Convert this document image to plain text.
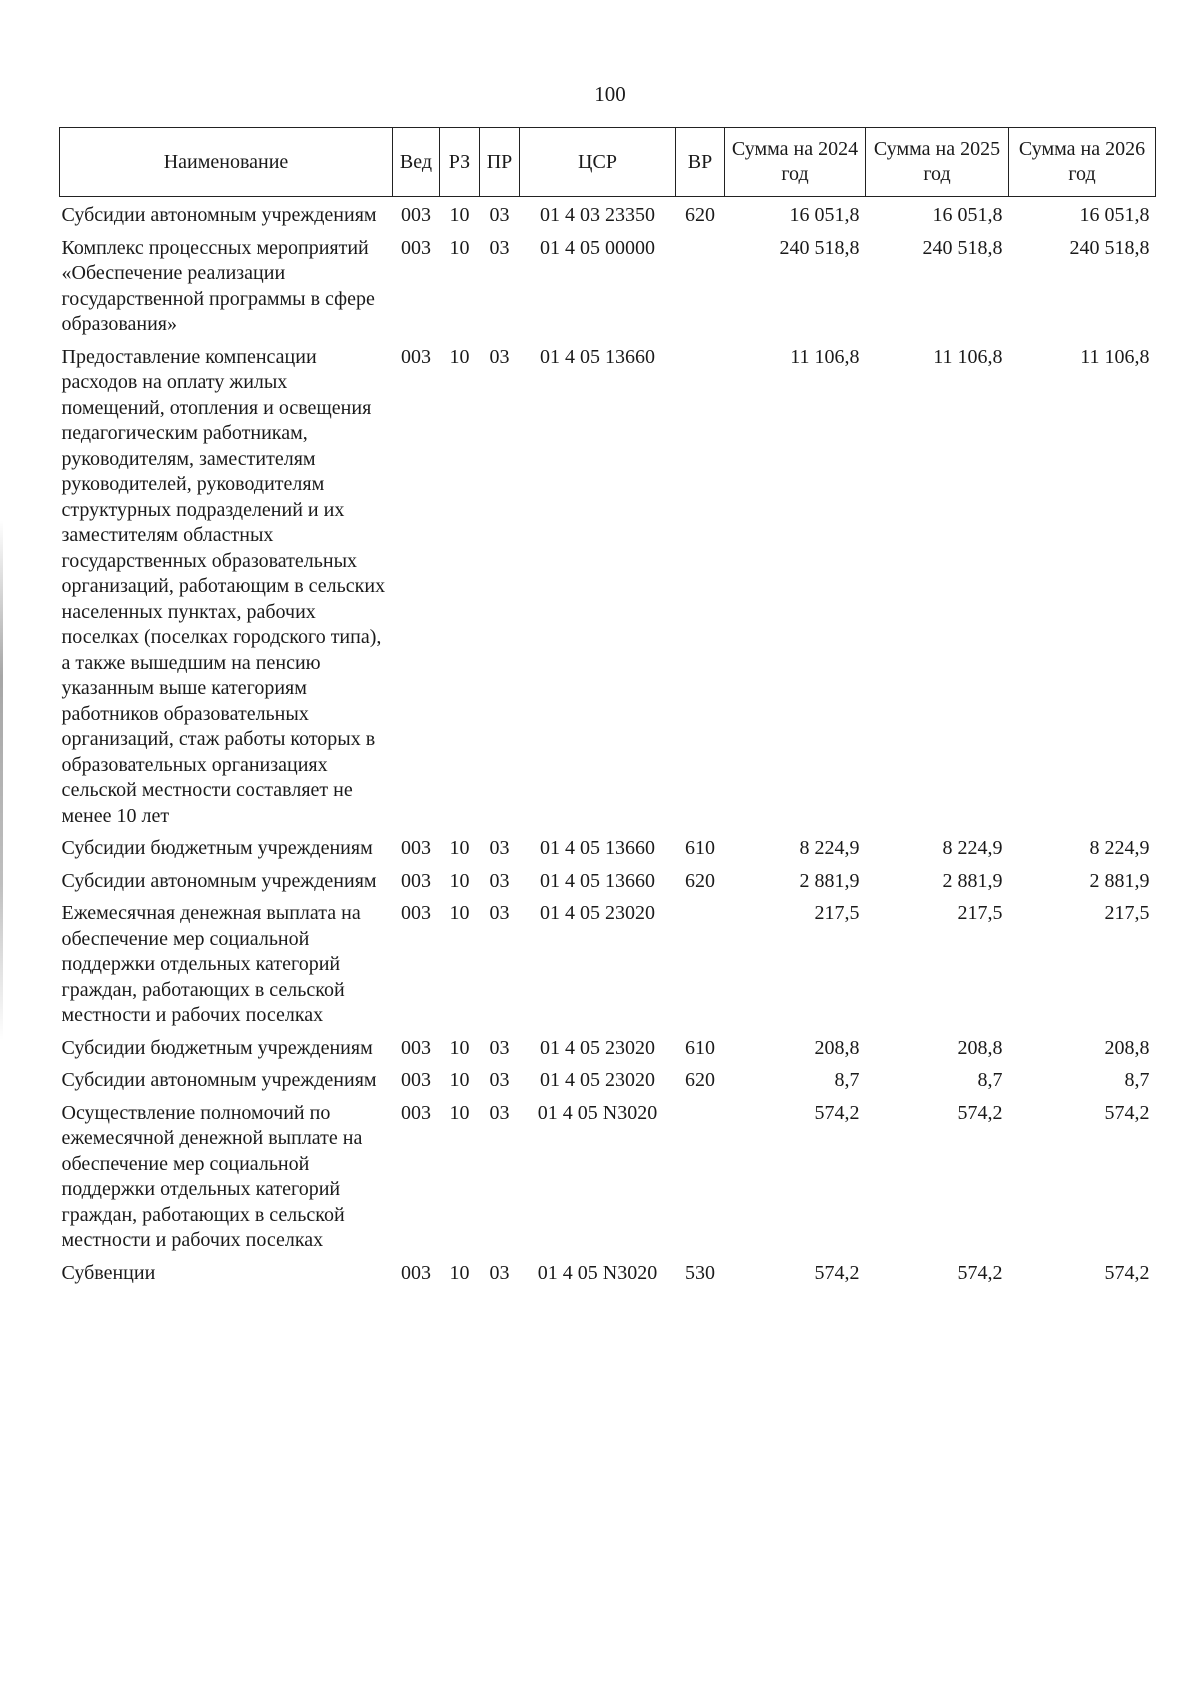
100
Наименование	Вед	РЗ	ПР	ЦСР	ВР	Сумма на 2024 год	Сумма на 2025 год	Сумма на 2026 год
Субсидии автономным учреждениям	003	10	03	01 4 03 23350	620	16 051,8	16 051,8	16 051,8
Комплекс процессных мероприятий «Обеспечение реализации государственной программы в сфере образования»	003	10	03	01 4 05 00000		240 518,8	240 518,8	240 518,8
Предоставление компенсации расходов на оплату жилых помещений, отопления и освещения педагогическим работникам, руководителям, заместителям руководителей, руководителям структурных подразделений и их заместителям областных государственных образовательных организаций, работающим в сельских населенных пунктах, рабочих поселках (поселках городского типа), а также вышедшим на пенсию указанным выше категориям работников образовательных организаций, стаж работы которых в образовательных организациях сельской местности составляет не менее 10 лет	003	10	03	01 4 05 13660		11 106,8	11 106,8	11 106,8
Субсидии бюджетным учреждениям	003	10	03	01 4 05 13660	610	8 224,9	8 224,9	8 224,9
Субсидии автономным учреждениям	003	10	03	01 4 05 13660	620	2 881,9	2 881,9	2 881,9
Ежемесячная денежная выплата на обеспечение мер социальной поддержки отдельных категорий граждан, работающих в сельской местности и рабочих поселках	003	10	03	01 4 05 23020		217,5	217,5	217,5
Субсидии бюджетным учреждениям	003	10	03	01 4 05 23020	610	208,8	208,8	208,8
Субсидии автономным учреждениям	003	10	03	01 4 05 23020	620	8,7	8,7	8,7
Осуществление полномочий по ежемесячной денежной выплате на обеспечение мер социальной поддержки отдельных категорий граждан, работающих в сельской местности и рабочих поселках	003	10	03	01 4 05 N3020		574,2	574,2	574,2
Субвенции	003	10	03	01 4 05 N3020	530	574,2	574,2	574,2
